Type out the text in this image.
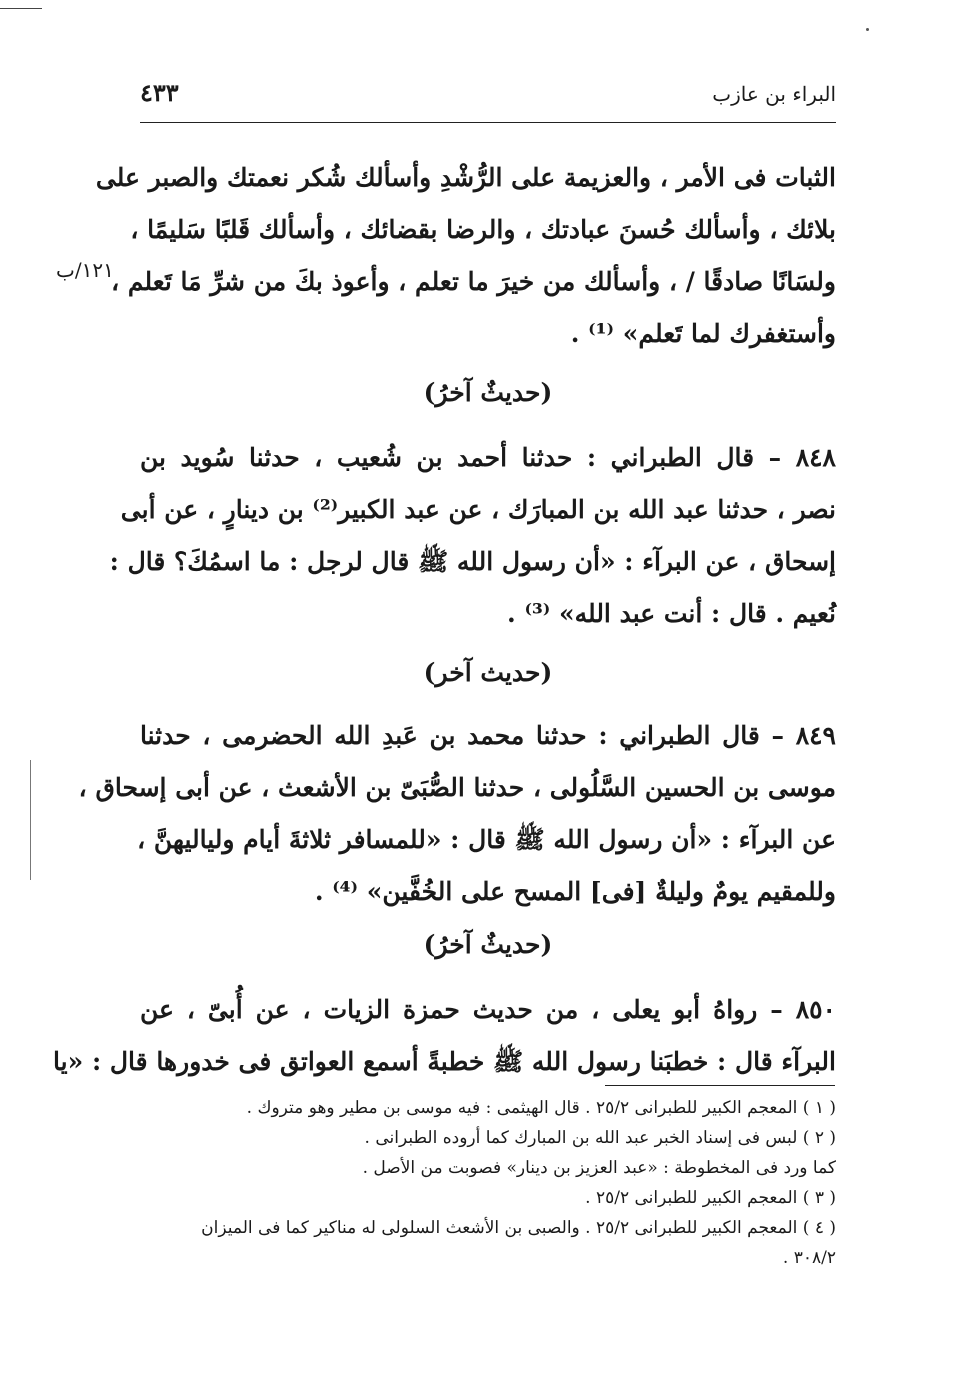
البراء بن عازب
٤٣٣
١٢١/ب
الثبات فى الأمر ، والعزيمة على الرُّشْدِ وأسألك شُكر نعمتك والصبر على
بلائك ، وأسألك حُسنَ عبادتك ، والرضا بقضائك ، وأسألك قَلبًا سَليمًا ،
ولسَانًا صادقًا / ، وأسألك من خيرَ ما تعلم ، وأعوذ بكَ من شرِّ مَا تَعلم ،
وأستغفرك لما تَعلم» ⁽¹⁾ .
(حديثٌ آخرُ)
٨٤٨ – قال الطبراني : حدثنا أحمد بن شُعيب ، حدثنا سُويد بن
نصر ، حدثنا عبد الله بن المبارَك ، عن عبد الكبير⁽²⁾ بن دينارٍ ، عن أبى
إسحاق ، عن البرآء : «أن رسول الله ﷺ قال لرجل : ما اسمُكَ؟ قال :
نُعيم . قال : أنت عبد الله» ⁽³⁾ .
(حديث آخر)
٨٤٩ – قال الطبراني : حدثنا محمد بن عَبدِ الله الحضرمى ، حدثنا
موسى بن الحسين السَّلُولى ، حدثنا الصُّبَىّ بن الأشعث ، عن أبى إسحاق ،
عن البرآء : «أن رسول الله ﷺ قال : «للمسافر ثلاثةَ أيام ولياليهنَّ ،
وللمقيم يومٌ وليلةٌ [فى] المسح على الخُفَّين» ⁽⁴⁾ .
(حديثٌ آخرُ)
٨٥٠ – رواهُ أبو يعلى ، من حديث حمزة الزيات ، عن أُبىّ ، عن
البرآء قال : خطبَنا رسول الله ﷺ خطبةً أسمع العواتق فى خدورها قال : «يا
( ١ ) المعجم الكبير للطبرانى ٢٥/٢ . قال الهيثمى : فيه موسى بن مطير وهو متروك .
( ٢ ) لبس فى إسناد الخبر عبد الله بن المبارك كما أروده الطبرانى .
كما ورد فى المخطوطة : «عبد العزيز بن دينار» فصوبت من الأصل .
( ٣ ) المعجم الكبير للطبرانى ٢٥/٢ .
( ٤ ) المعجم الكبير للطبرانى ٢٥/٢ . والصبى بن الأشعث السلولى له مناكير كما فى الميزان
٣٠٨/٢ .
